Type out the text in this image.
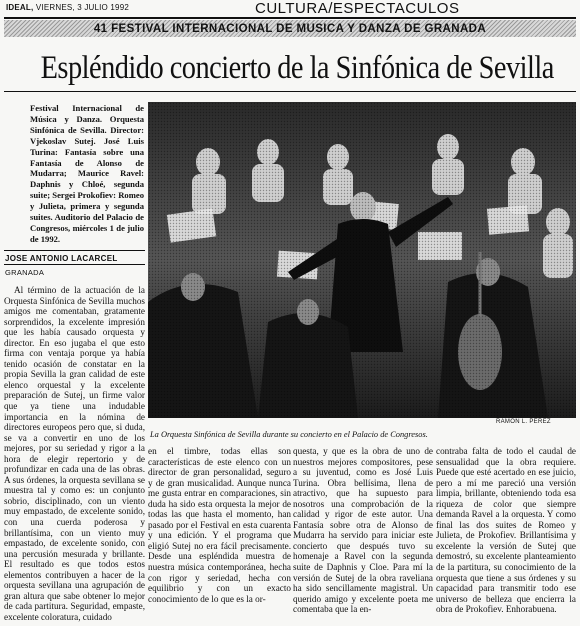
IDEAL, VIERNES, 3 JULIO 1992	CULTURA/ESPECTACULOS
41 FESTIVAL INTERNACIONAL DE MUSICA Y DANZA DE GRANADA
Espléndido concierto de la Sinfónica de Sevilla
Festival Internacional de Música y Danza. Orquesta Sinfónica de Sevilla. Director: Vjekoslav Sutej. José Luis Turina: Fantasía sobre una Fantasía de Alonso de Mudarra; Maurice Ravel: Daphnis y Chloé, segunda suite; Sergei Prokofiev: Romeo y Julieta, primera y segunda suites. Auditorio del Palacio de Congresos, miércoles 1 de julio de 1992.
JOSE ANTONIO LACARCEL
GRANADA
RAMON L. PEREZ
La Orquesta Sinfónica de Sevilla durante su concierto en el Palacio de Congresos.
Al término de la actuación de la Orquesta Sinfónica de Sevilla muchos amigos me comentaban, gratamente sorprendidos, la excelente impresión que les había causado orquesta y director. En eso jugaba el que esto firma con ventaja porque ya había tenido ocasión de constatar en la propia Sevilla la gran calidad de este elenco orquestal y la excelente preparación de Sutej, un firme valor que ya tiene una indudable importancia en la nómina de directores europeos pero que, si duda, se va a convertir en uno de los mejores, por su seriedad y rigor a la hora de elegir repertorio y de profundizar en cada una de las obras. A sus órdenes, la orquesta sevillana se muestra tal y como es: un conjunto sobrio, disciplinado, con un viento muy empastado, de excelente sonido, con una cuerda poderosa y brillantísima, con un viento muy empastado, de excelente sonido, con una percusión mesurada y brillante. El resultado es que todos estos elementos contribuyen a hacer de la orquesta sevillana una agrupación de gran altura que sabe obtener lo mejor de cada partitura. Seguridad, empaste, excelente coloratura, cuidado
en el timbre, todas ellas son características de este elenco con un director de gran personalidad, seguro y de gran musicalidad. Aunque nunca me gusta entrar en comparaciones, sin duda ha sido esta orquesta la mejor de todas las que hasta el momento, han pasado por el Festival en esta cuarenta y una edición. Y el programa que eligió Sutej no era fácil precisamente. Desde una espléndida muestra de nuestra música contemporánea, hecha con rigor y seriedad, hecha con equilibrio y con un exacto conocimiento de lo que es la or-
questa, y que es la obra de uno de nuestros mejores compositores, pese a su juventud, como es José Luis Turina. Obra bellísima, llena de atractivo, que ha supuesto para nosotros una comprobación de la calidad y rigor de este autor. Una Fantasía sobre otra de Alonso de Mudarra ha servido para iniciar este concierto que después tuvo su homenaje a Ravel con la segunda suite de Daphnis y Cloe. Para mí la versión de Sutej de la obra raveliana ha sido sencillamente magistral. Un querido amigo y excelente poeta me comentaba que la en-
contraba falta de todo el caudal de sensualidad que la obra requiere. Puede que esté acertado en ese juicio, pero a mí me pareció una versión limpia, brillante, obteniendo toda esa riqueza de color que siempre demanda Ravel a la orquesta. Y como final las dos suites de Romeo y Julieta, de Prokofiev. Brillantísima y excelente la versión de Sutej que demostró, su excelente planteamiento de la partitura, su conocimiento de la orquesta que tiene a sus órdenes y su capacidad para transmitir todo ese universo de belleza que encierra la obra de Prokofiev. Enhorabuena.
